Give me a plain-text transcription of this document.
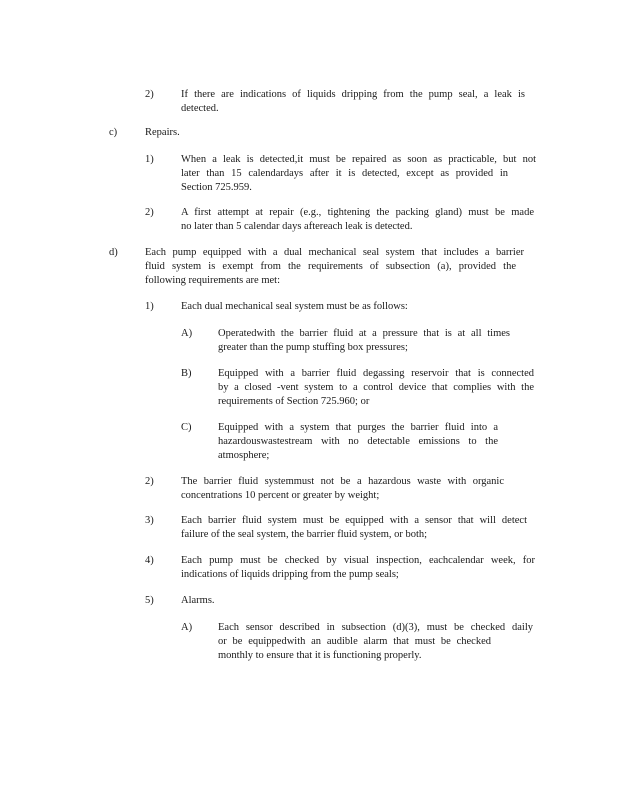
2)	If there are indications of liquids dripping from the pump seal, a leak is
detected.
c)	Repairs.
1)	When a leak is detected,it must be repaired as soon as practicable, but not
later than 15 calendardays after it is detected, except as provided in
Section 725.959.
2)	A first attempt at repair (e.g., tightening the packing gland) must be made
no later than 5 calendar days aftereach leak is detected.
d)	Each pump equipped with a dual mechanical seal system that includes a barrier
fluid system is exempt from the requirements of subsection (a), provided the
following requirements are met:
1)	Each dual mechanical seal system must be as follows:
A) Operatedwith the barrier fluid at a pressure that is at all times
greater than the pump stuffing box pressures;
B)	Equipped with a barrier fluid degassing reservoir that is connected
by a closed -vent system to a control device that complies with the
requirements of Section 725.960; or
C)	Equipped with a system that purges the barrier fluid into a
hazardouswastestream with no detectable emissions to the
atmosphere;
2)	The barrier fluid systemmust not be a hazardous waste with organic
concentrations 10 percent or greater by weight;
3)	Each barrier fluid system must be equipped with a sensor that will detect
failure of the seal system, the barrier fluid system, or both;
4)	Each pump must be checked by visual inspection, eachcalendar week, for
indications of liquids dripping from the pump seals;
5)	Alarms.
A) Each sensor described in subsection (d)(3), must be checked daily
or be equippedwith an audible alarm that must be checked
monthly to ensure that it is functioning properly.
